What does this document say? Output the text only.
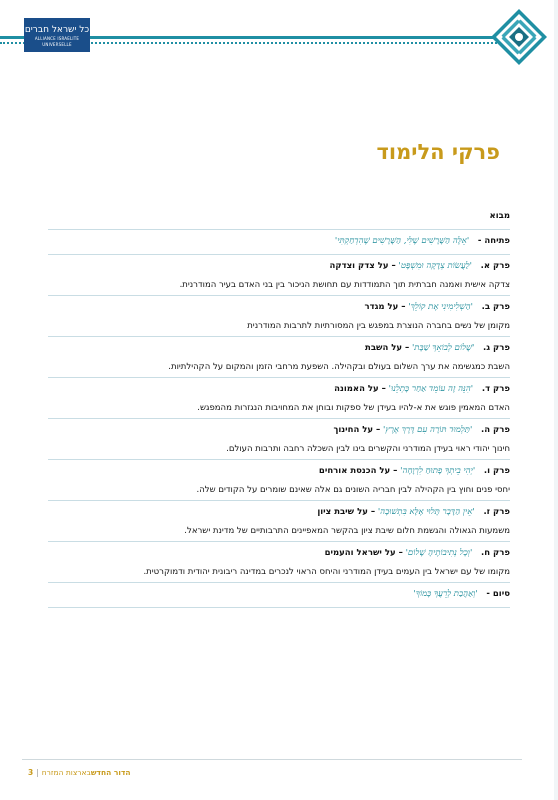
כל ישראל חברים
ALLIANCE ISRAELITE UNIVERSELLE
פרקי הלימוד
מבוא
פתיחה - 'אֵלֶּה הַשָּׁרָשִׁים שֶׁלִּי, הַשָּׁרָשִׁים שֶׁהִדְחַקְתִּי'
פרק א. 'לַעֲשׂוֹת צְדָקָה וּמִשְׁפָּט' – על צדק וצדקה
צדקה אישית ואמנה חברתית תוך התמודדות עם תחושת הניכור בין בני האדם בעיר המודרנית.
פרק ב. 'הַשְׁלִימִינִי אֶת קוֹלֵךְ' – על מגדר
מקומן של נשים בחברה הנוצרת במפגש בין המסורתיות לתרבות המודרנית
פרק ג. 'שָׁלוֹם לְבוֹאֵךְ שַׁבָּת' – על השבת
השבת כמגשימה את ערך השלום בעולם ובקהילה. השפעת מרחבי הזמן והמקום על הקהילתיות.
פרק ד. 'הִנֵּה זֶה עוֹמֵד אַחַר כָּתְלֵנוּ' – על האמונה
האדם המאמין פוגש את א-להיו בעידן של ספקות ובוחן את המחויבות הנגזרות מהמפגש.
פרק ה. 'תַּלְמוּד תּוֹרָה עִם דֶּרֶךְ אֶרֶץ' – על החינוך
חינוך יהודי ראוי בעידן המודרני והקשרים בינו לבין השכלה רחבה ותרבות העולם.
פרק ו. 'יְהִי בֵיתְךָ פָתוּחַ לִרְוָחָה' – על הכנסת אורחים
יחסי פנים וחוץ בין הקהילה לבין חבריה השונים גם אלה שאינם שומרים על הקודים שלה.
פרק ז. 'אֵין הַדָּבָר תָּלוּי אֶלָּא בִּתְשׁוּבָה' – על שיבת ציון
משמעות הגאולה והגשמת חלום שיבת ציון בהקשר המאפיינים התרבותיים של מדינת ישראל.
פרק ח. 'וְכָל נְתִיבוֹתֶיהָ שָׁלוֹם' – על ישראל והעמים
מקומו של עם ישראל בין העמים בעידן המודרני והיחס הראוי לנכרים במדינה ריבונית יהודית ודמוקרטית.
סיום - 'וְאַהֲבַת לְרֵעֲךָ כָּמוֹךָ'
הדור החדשבארצות המזרח|3
